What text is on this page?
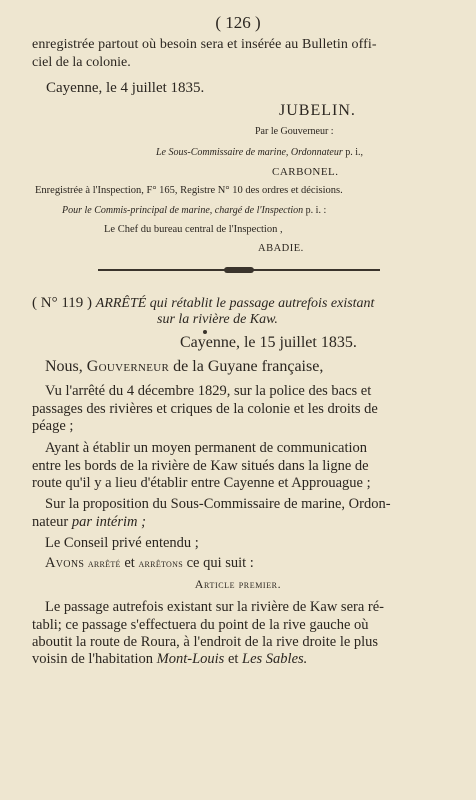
( 126 )
enregistrée partout où besoin sera et insérée au Bulletin offi-
ciel de la colonie.
Cayenne, le 4 juillet 1835.
JUBELIN.
Par le Gouverneur :
Le Sous-Commissaire de marine, Ordonnateur p. i.,
CARBONEL.
Enregistrée à l'Inspection, F° 165, Registre N° 10 des ordres et décisions.
Pour le Commis-principal de marine, chargé de l'Inspection p. i. :
Le Chef du bureau central de l'Inspection ,
ABADIE.
( N° 119 ) ARRÊTÉ qui rétablit le passage autrefois existant
sur la rivière de Kaw.
Cayenne, le 15 juillet 1835.
Nous, Gouverneur de la Guyane française,
Vu l'arrêté du 4 décembre 1829, sur la police des bacs et
passages des rivières et criques de la colonie et les droits de
péage ;
Ayant à établir un moyen permanent de communication
entre les bords de la rivière de Kaw situés dans la ligne de
route qu'il y a lieu d'établir entre Cayenne et Approuague ;
Sur la proposition du Sous-Commissaire de marine, Ordon-
nateur par intérim ;
Le Conseil privé entendu ;
Avons arrêté et arrêtons ce qui suit :
Article premier.
Le passage autrefois existant sur la rivière de Kaw sera ré-
tabli; ce passage s'effectuera du point de la rive gauche où
aboutit la route de Roura, à l'endroit de la rive droite le plus
voisin de l'habitation Mont-Louis et Les Sables.
